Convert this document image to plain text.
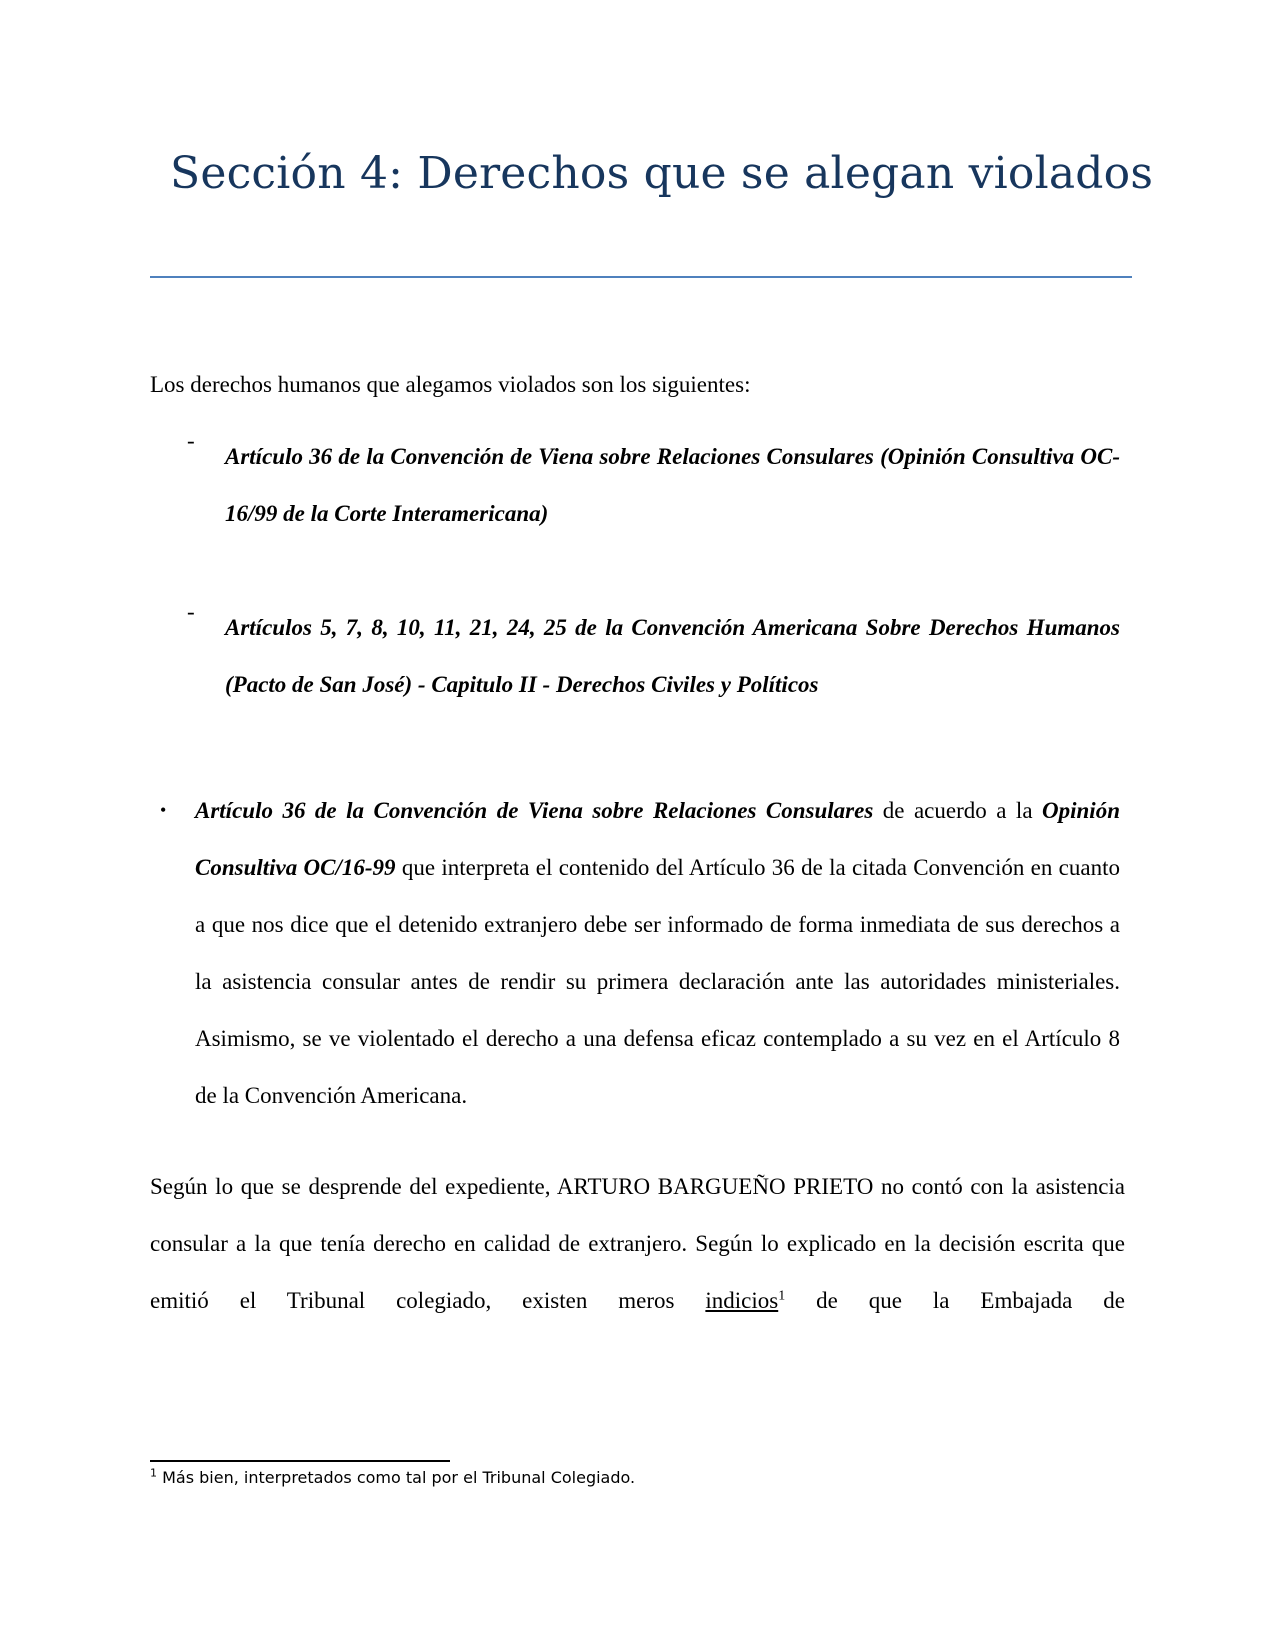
Sección 4: Derechos que se alegan violados

Los derechos humanos que alegamos violados son los siguientes:

-

Artículo 36 de la Convención de Viena sobre Relaciones Consulares (Opinión Consultiva OC-16/99 de la Corte Interamericana)

-

Artículos 5, 7, 8, 10, 11, 21, 24, 25 de la Convención Americana Sobre Derechos Humanos (Pacto de San José) - Capitulo II - Derechos Civiles y Políticos

• Artículo 36 de la Convención de Viena sobre Relaciones Consulares de acuerdo a la Opinión Consultiva OC/16-99 que interpreta el contenido del Artículo 36 de la citada Convención en cuanto a que nos dice que el detenido extranjero debe ser informado de forma inmediata de sus derechos a la asistencia consular antes de rendir su primera declaración ante las autoridades ministeriales. Asimismo, se ve violentado el derecho a una defensa eficaz contemplado a su vez en el Artículo 8 de la Convención Americana.

Según lo que se desprende del expediente, ARTURO BARGUEÑO PRIETO no contó con la asistencia consular a la que tenía derecho en calidad de extranjero. Según lo explicado en la decisión escrita que emitió el Tribunal colegiado, existen meros indicios$^1$ de que la Embajada de

$^1$ Más bien, interpretados como tal por el Tribunal Colegiado.
